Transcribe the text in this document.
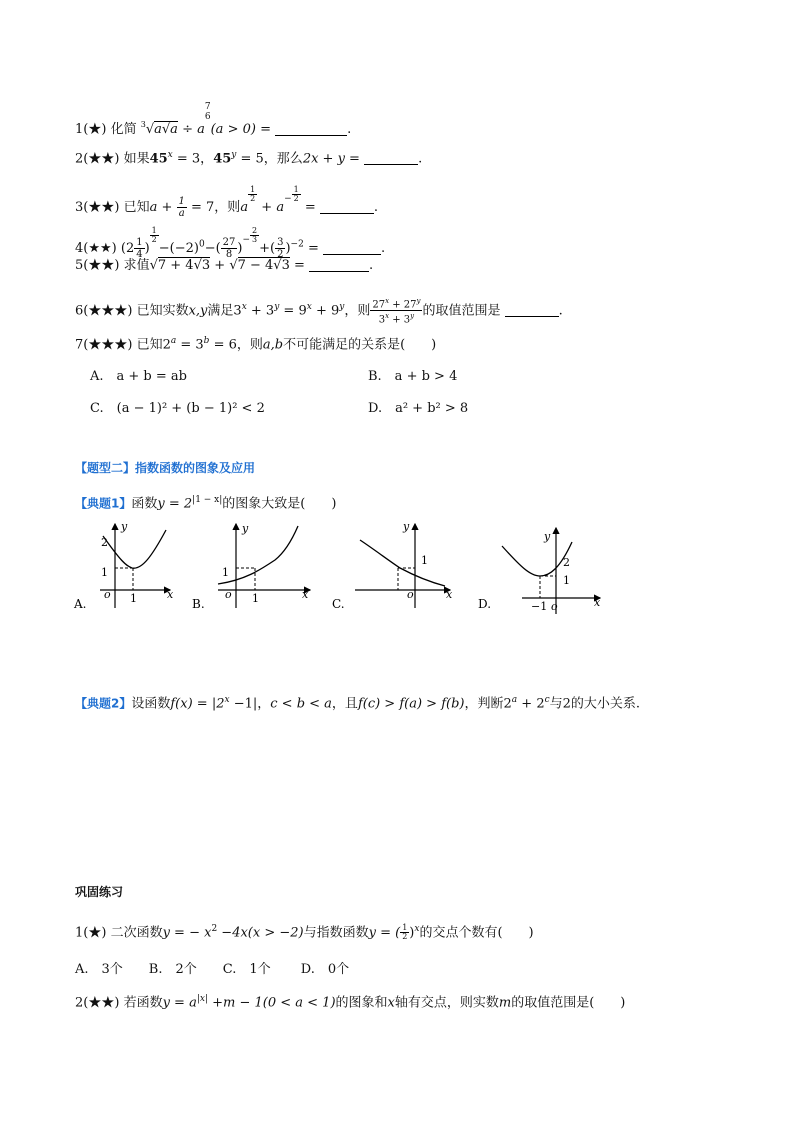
1(★) 化简 $^3$√a√a ÷ a
7
6
(a > 0) =	.
2(★★) 如果$45^x = 3$，$45^y = 5$，那么2x + y =	.
3(★★) 已知$a + \frac{1}{a} = 7$，则a
$\frac{1}{2}$
+ $a^- \frac{1}{2}$
=	.
4(★★) ($2 \frac{1}{4}$ )
$\frac{1}{2}$
$-(-2)^0-( \frac{27}{8} )^- \frac{2}{3}$
+( $\frac{3}{2} )^{-2}$ =	.
5(★★) 求值√7 + 4√3 + √7 − 4√3 =	.
6(★★★) 已知实数x,y满足$3^x + 3^y = 9^x + 9^y$，则 $\frac{27^x + 27^y}{3^x + 3^y}$ 的取值范围是	.
7(★★★) 已知$2^a = 3^b = 6$，则a,b不可能满足的关系是(　　)
A.　a + b = ab	B.　a + b > 4
C.　(a − 1)² + (b − 1)² < 2	D.　a² + b² > 8
【题型二】指数函数的图象及应用
【典题1】函数$y = 2^{|1 - x|}$的图象大致是(　　)
A.
y
x
2
1
o 1	B.
y
x
1
o 1	C.
y
x
1
o
D.
y
x
2
1
−1 o
【典题2】设函数$f(x) = |2^x -1|$，c < b < a，且f(c) > f(a) > f(b)，判断$2^a + 2^c$与2的大小关系.
巩固练习
1(★) 二次函数y = − $x^2 -4x(x > -2)$与指数函数y = ( $\frac{1}{2} )^x$的交点个数有(　　)
A.　3个　　B.　2个　　C.　1个　　 D.　0个
2(★★) 若函数$y = a^{|x|} +m - 1(0 < a < 1)$的图象和x轴有交点，则实数m的取值范围是(　　)
